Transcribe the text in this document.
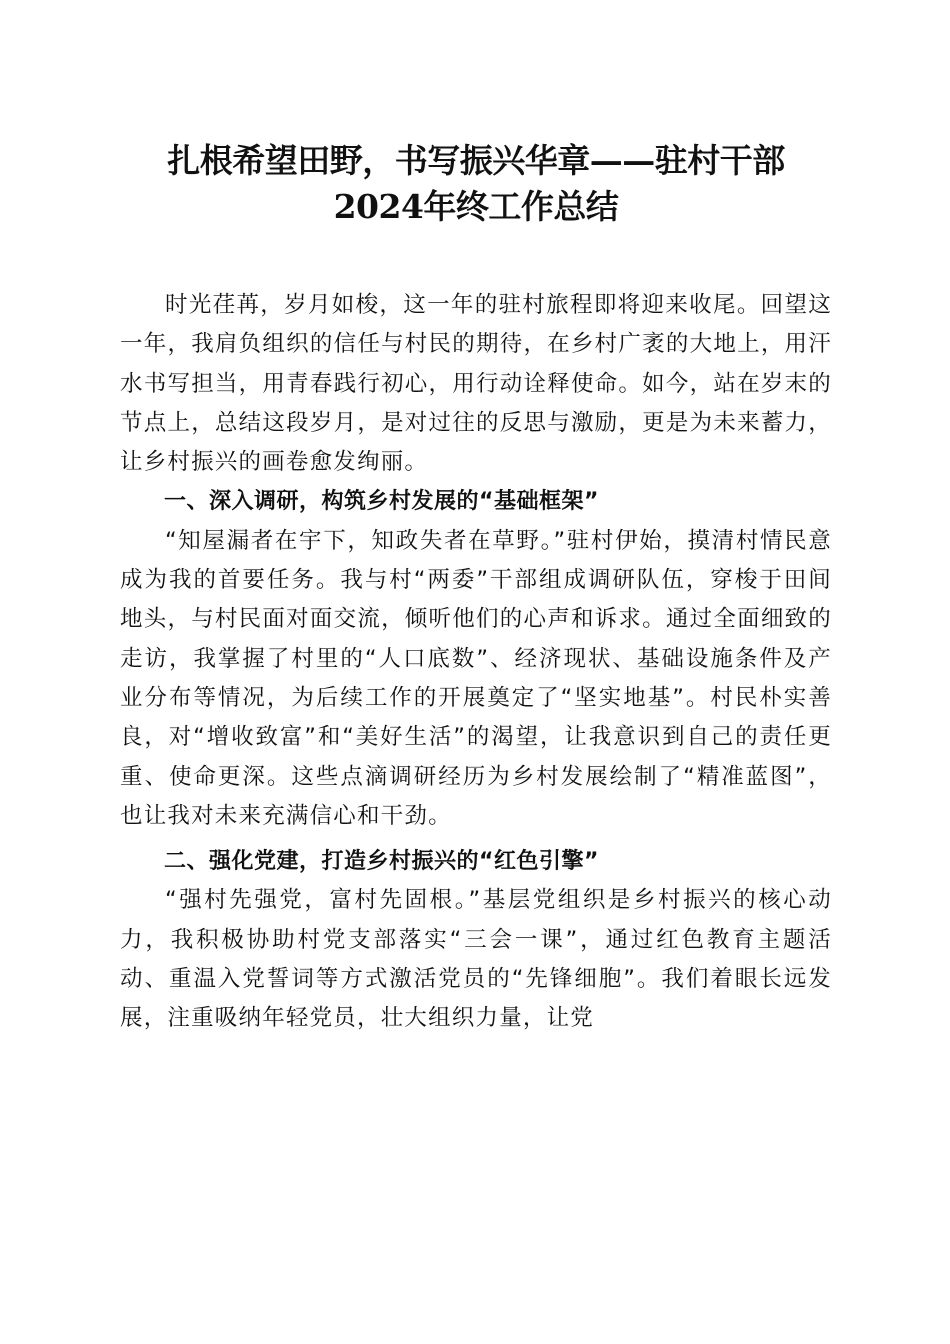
扎根希望田野，书写振兴华章——驻村干部
2024年终工作总结

时光荏苒，岁月如梭，这一年的驻村旅程即将迎来收尾。回望这一年，我肩负组织的信任与村民的期待，在乡村广袤的大地上，用汗水书写担当，用青春践行初心，用行动诠释使命。如今，站在岁末的节点上，总结这段岁月，是对过往的反思与激励，更是为未来蓄力，让乡村振兴的画卷愈发绚丽。

一、深入调研，构筑乡村发展的“基础框架”

“知屋漏者在宇下，知政失者在草野。”驻村伊始，摸清村情民意成为我的首要任务。我与村“两委”干部组成调研队伍，穿梭于田间地头，与村民面对面交流，倾听他们的心声和诉求。通过全面细致的走访，我掌握了村里的“人口底数”、经济现状、基础设施条件及产业分布等情况，为后续工作的开展奠定了“坚实地基”。村民朴实善良，对“增收致富”和“美好生活”的渴望，让我意识到自己的责任更重、使命更深。这些点滴调研经历为乡村发展绘制了“精准蓝图”，也让我对未来充满信心和干劲。

二、强化党建，打造乡村振兴的“红色引擎”

“强村先强党，富村先固根。”基层党组织是乡村振兴的核心动力，我积极协助村党支部落实“三会一课”，通过红色教育主题活动、重温入党誓词等方式激活党员的“先锋细胞”。我们着眼长远发展，注重吸纳年轻党员，壮大组织力量，让党
